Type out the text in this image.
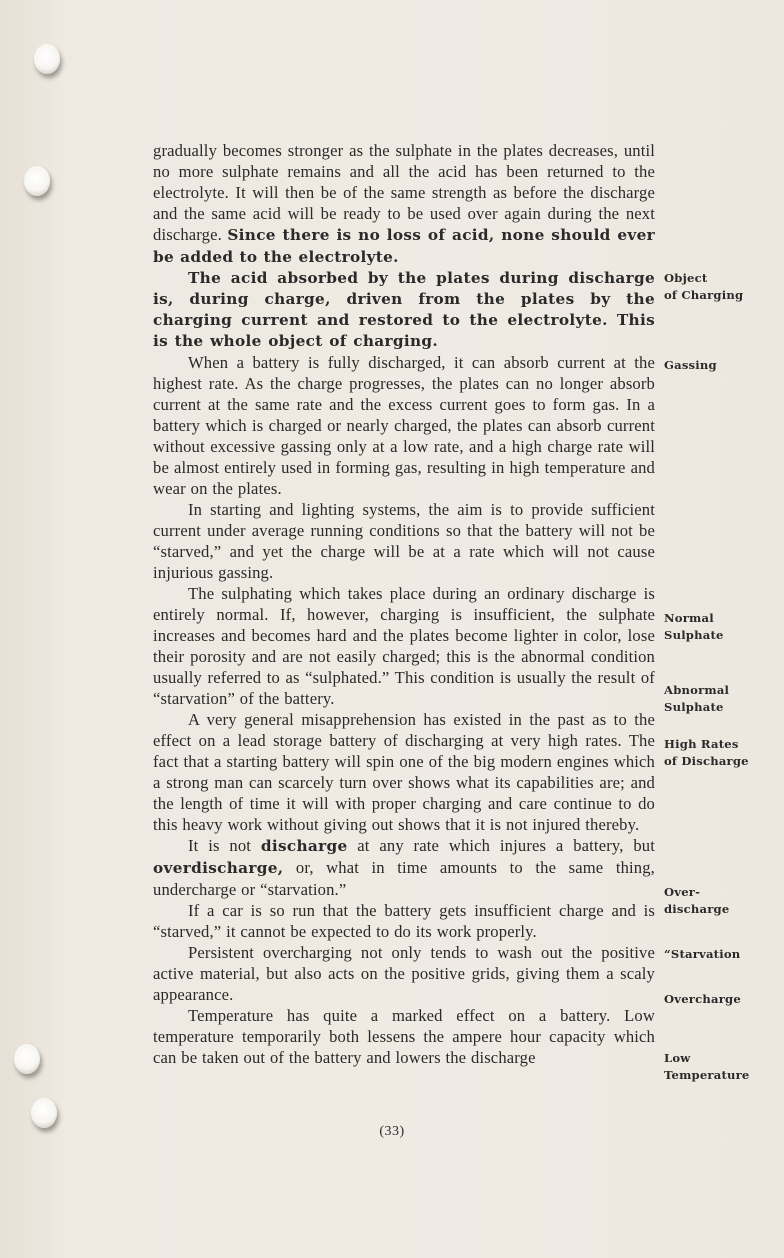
gradually becomes stronger as the sulphate in the plates decreases, until no more sulphate remains and all the acid has been returned to the electrolyte. It will then be of the same strength as before the discharge and the same acid will be ready to be used over again during the next discharge. Since there is no loss of acid, none should ever be added to the electrolyte.

The acid absorbed by the plates during discharge is, during charge, driven from the plates by the charging current and restored to the electrolyte. This is the whole object of charging.

When a battery is fully discharged, it can absorb current at the highest rate. As the charge progresses, the plates can no longer absorb current at the same rate and the excess current goes to form gas. In a battery which is charged or nearly charged, the plates can absorb current without excessive gassing only at a low rate, and a high charge rate will be almost entirely used in forming gas, resulting in high temperature and wear on the plates.

In starting and lighting systems, the aim is to provide sufficient current under average running conditions so that the battery will not be “starved,” and yet the charge will be at a rate which will not cause injurious gassing.

The sulphating which takes place during an ordinary discharge is entirely normal. If, however, charging is insufficient, the sulphate increases and becomes hard and the plates become lighter in color, lose their porosity and are not easily charged; this is the abnormal condition usually referred to as “sulphated.” This condition is usually the result of “starvation” of the battery.

A very general misapprehension has existed in the past as to the effect on a lead storage battery of discharging at very high rates. The fact that a starting battery will spin one of the big modern engines which a strong man can scarcely turn over shows what its capabilities are; and the length of time it will with proper charging and care continue to do this heavy work without giving out shows that it is not injured thereby.

It is not discharge at any rate which injures a battery, but overdischarge, or, what in time amounts to the same thing, undercharge or “starvation.”

If a car is so run that the battery gets insufficient charge and is “starved,” it cannot be expected to do its work properly.

Persistent overcharging not only tends to wash out the positive active material, but also acts on the positive grids, giving them a scaly appearance.

Temperature has quite a marked effect on a battery. Low temperature temporarily both lessens the ampere hour capacity which can be taken out of the battery and lowers the discharge

Object
of Charging
Gassing
Normal
Sulphate
Abnormal
Sulphate
High Rates
of Discharge
Over-
discharge
“Starvation
Overcharge
Low
Temperature
(33)
